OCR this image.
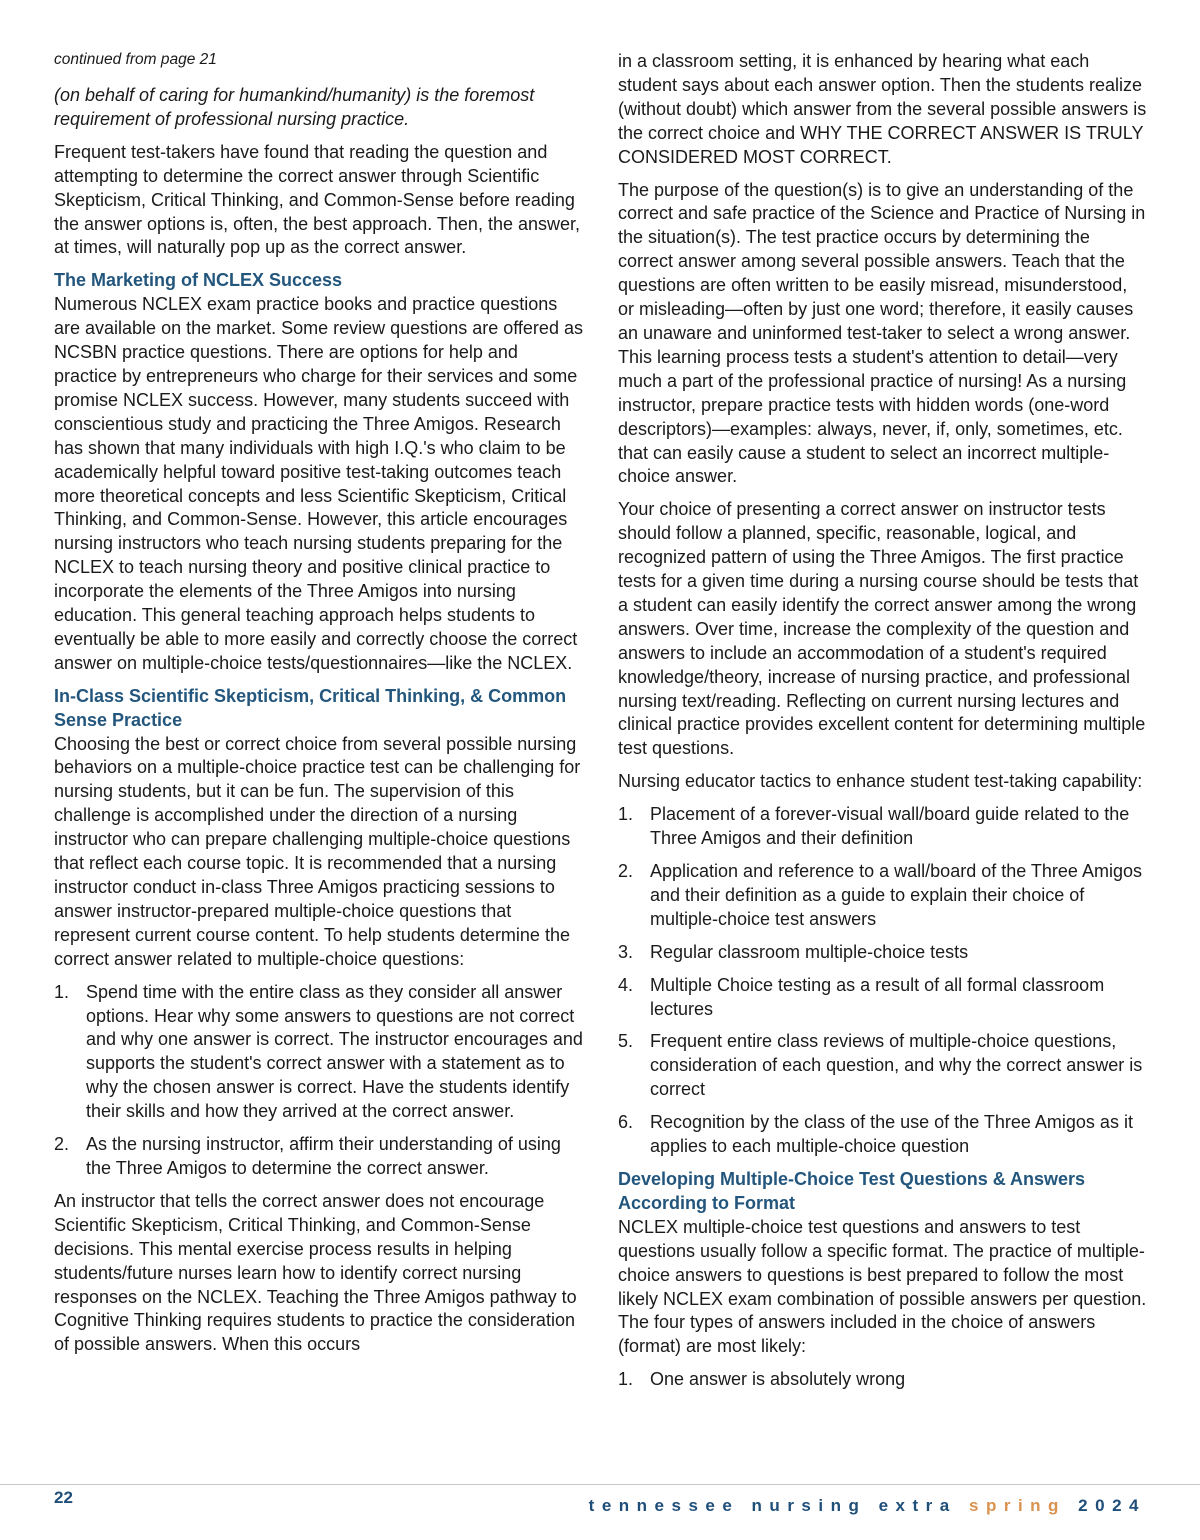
continued from page 21

(on behalf of caring for humankind/humanity) is the foremost requirement of professional nursing practice.

Frequent test-takers have found that reading the question and attempting to determine the correct answer through Scientific Skepticism, Critical Thinking, and Common-Sense before reading the answer options is, often, the best approach. Then, the answer, at times, will naturally pop up as the correct answer.

The Marketing of NCLEX Success

Numerous NCLEX exam practice books and practice questions are available on the market. Some review questions are offered as NCSBN practice questions. There are options for help and practice by entrepreneurs who charge for their services and some promise NCLEX success. However, many students succeed with conscientious study and practicing the Three Amigos. Research has shown that many individuals with high I.Q.'s who claim to be academically helpful toward positive test-taking outcomes teach more theoretical concepts and less Scientific Skepticism, Critical Thinking, and Common-Sense. However, this article encourages nursing instructors who teach nursing students preparing for the NCLEX to teach nursing theory and positive clinical practice to incorporate the elements of the Three Amigos into nursing education. This general teaching approach helps students to eventually be able to more easily and correctly choose the correct answer on multiple-choice tests/questionnaires—like the NCLEX.

In-Class Scientific Skepticism, Critical Thinking, & Common Sense Practice

Choosing the best or correct choice from several possible nursing behaviors on a multiple-choice practice test can be challenging for nursing students, but it can be fun. The supervision of this challenge is accomplished under the direction of a nursing instructor who can prepare challenging multiple-choice questions that reflect each course topic. It is recommended that a nursing instructor conduct in-class Three Amigos practicing sessions to answer instructor-prepared multiple-choice questions that represent current course content. To help students determine the correct answer related to multiple-choice questions:

1. Spend time with the entire class as they consider all answer options. Hear why some answers to questions are not correct and why one answer is correct. The instructor encourages and supports the student's correct answer with a statement as to why the chosen answer is correct. Have the students identify their skills and how they arrived at the correct answer.
2. As the nursing instructor, affirm their understanding of using the Three Amigos to determine the correct answer.

An instructor that tells the correct answer does not encourage Scientific Skepticism, Critical Thinking, and Common-Sense decisions. This mental exercise process results in helping students/future nurses learn how to identify correct nursing responses on the NCLEX. Teaching the Three Amigos pathway to Cognitive Thinking requires students to practice the consideration of possible answers. When this occurs

in a classroom setting, it is enhanced by hearing what each student says about each answer option. Then the students realize (without doubt) which answer from the several possible answers is the correct choice and WHY THE CORRECT ANSWER IS TRULY CONSIDERED MOST CORRECT.

The purpose of the question(s) is to give an understanding of the correct and safe practice of the Science and Practice of Nursing in the situation(s). The test practice occurs by determining the correct answer among several possible answers. Teach that the questions are often written to be easily misread, misunderstood, or misleading—often by just one word; therefore, it easily causes an unaware and uninformed test-taker to select a wrong answer. This learning process tests a student's attention to detail—very much a part of the professional practice of nursing! As a nursing instructor, prepare practice tests with hidden words (one-word descriptors)—examples: always, never, if, only, sometimes, etc. that can easily cause a student to select an incorrect multiple-choice answer.

Your choice of presenting a correct answer on instructor tests should follow a planned, specific, reasonable, logical, and recognized pattern of using the Three Amigos. The first practice tests for a given time during a nursing course should be tests that a student can easily identify the correct answer among the wrong answers. Over time, increase the complexity of the question and answers to include an accommodation of a student's required knowledge/theory, increase of nursing practice, and professional nursing text/reading. Reflecting on current nursing lectures and clinical practice provides excellent content for determining multiple test questions.

Nursing educator tactics to enhance student test-taking capability:

1. Placement of a forever-visual wall/board guide related to the Three Amigos and their definition
2. Application and reference to a wall/board of the Three Amigos and their definition as a guide to explain their choice of multiple-choice test answers
3. Regular classroom multiple-choice tests
4. Multiple Choice testing as a result of all formal classroom lectures
5. Frequent entire class reviews of multiple-choice questions, consideration of each question, and why the correct answer is correct
6. Recognition by the class of the use of the Three Amigos as it applies to each multiple-choice question
Developing Multiple-Choice Test Questions & Answers According to Format

NCLEX multiple-choice test questions and answers to test questions usually follow a specific format. The practice of multiple-choice answers to questions is best prepared to follow the most likely NCLEX exam combination of possible answers per question. The four types of answers included in the choice of answers (format) are most likely:

1. One answer is absolutely wrong
22	tennessee nursing extra spring 2024
